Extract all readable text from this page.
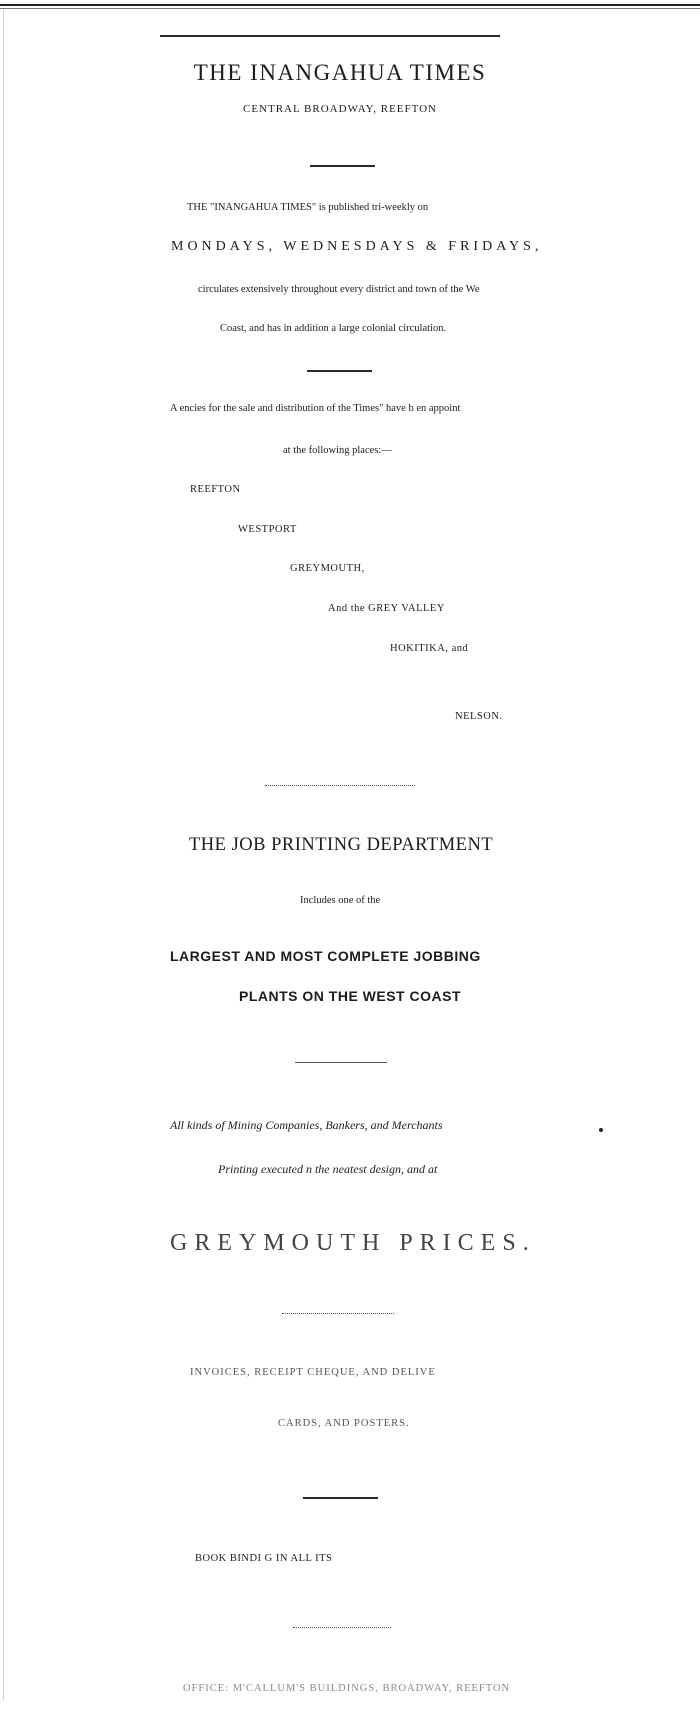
THE INANGAHUA TIMES
CENTRAL BROADWAY, REEFTON
THE "INANGAHUA TIMES" is published tri-weekly on
MONDAYS, WEDNESDAYS & FRIDAYS,
circulates extensively throughout every district and town of the We
Coast, and has in addition a large colonial circulation.
A encies for the sale and distribution of the Times" have b en appoint
at the following places:—
REEFTON
WESTPORT
GREYMOUTH,
And the GREY VALLEY
HOKITIKA, and
NELSON.
THE JOB PRINTING DEPARTMENT
Includes one of the
LARGEST AND MOST COMPLETE JOBBING
PLANTS ON THE WEST COAST
All kinds of Mining Companies, Bankers, and Merchants
Printing executed n the neatest design, and at
GREYMOUTH PRICES.
INVOICES, RECEIPT CHEQUE, AND DELIVE
CARDS, AND POSTERS.
BOOK BINDI G IN ALL ITS
OFFICE: M'CALLUM'S BUILDINGS, BROADWAY, REEFTON
